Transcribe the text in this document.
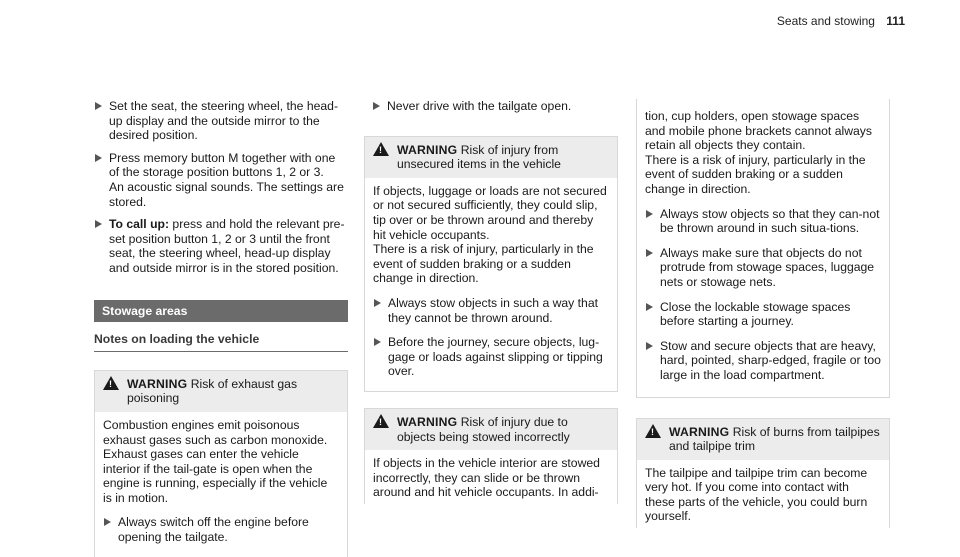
Seats and stowing 111

Set the seat, the steering wheel, the head-up display and the outside mirror to the desired position.

Press memory button M together with one of the storage position buttons 1, 2 or 3.

An acoustic signal sounds. The settings are stored.

To call up: press and hold the relevant pre-set position button 1, 2 or 3 until the front seat, the steering wheel, head-up display and outside mirror is in the stored position.

Stowage areas
Notes on loading the vehicle
!
WARNING Risk of exhaust gas poisoning

Combustion engines emit poisonous exhaust gases such as carbon monoxide. Exhaust gases can enter the vehicle interior if the tail-gate is open when the engine is running, especially if the vehicle is in motion.

Always switch off the engine before opening the tailgate.

Never drive with the tailgate open.

!
WARNING Risk of injury from unsecured items in the vehicle

If objects, luggage or loads are not secured or not secured sufficiently, they could slip, tip over or be thrown around and thereby hit vehicle occupants.

There is a risk of injury, particularly in the event of sudden braking or a sudden change in direction.

Always stow objects in such a way that they cannot be thrown around.

Before the journey, secure objects, lug-gage or loads against slipping or tipping over.

!
WARNING Risk of injury due to objects being stowed incorrectly

If objects in the vehicle interior are stowed incorrectly, they can slide or be thrown around and hit vehicle occupants. In addi-

tion, cup holders, open stowage spaces and mobile phone brackets cannot always retain all objects they contain.

There is a risk of injury, particularly in the event of sudden braking or a sudden change in direction.

Always stow objects so that they can-not be thrown around in such situa-tions.

Always make sure that objects do not protrude from stowage spaces, luggage nets or stowage nets.

Close the lockable stowage spaces before starting a journey.

Stow and secure objects that are heavy, hard, pointed, sharp-edged, fragile or too large in the load compartment.

!
WARNING Risk of burns from tailpipes and tailpipe trim

The tailpipe and tailpipe trim can become very hot. If you come into contact with these parts of the vehicle, you could burn yourself.
